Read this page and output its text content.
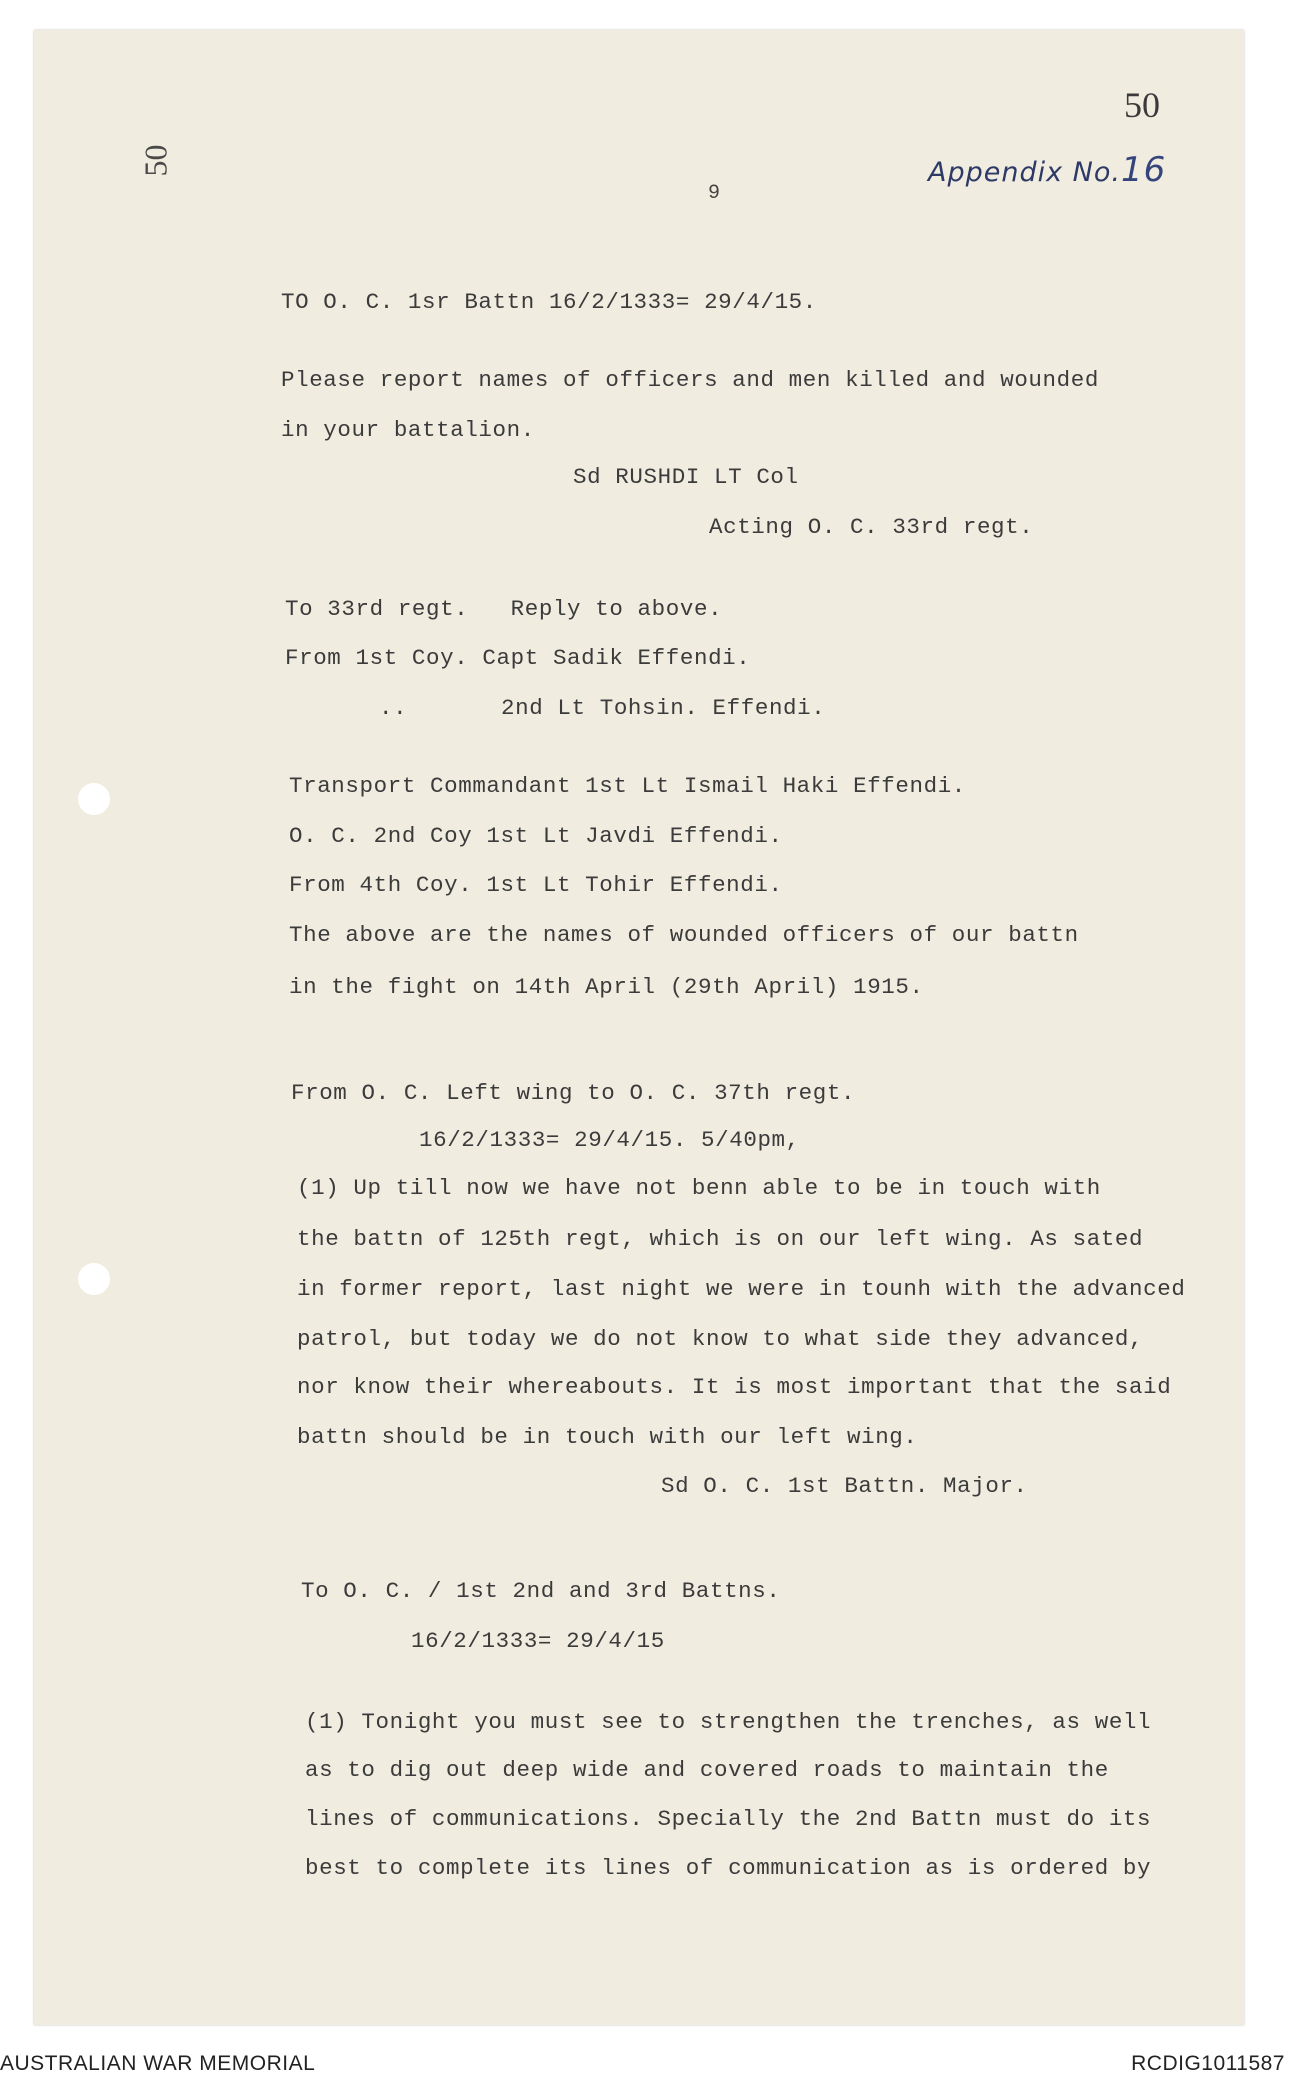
50
50
Appendix No.16
9
TO O. C. 1sr Battn 16/2/1333= 29/4/15.
Please report names of officers and men killed and wounded
in your battalion.
Sd RUSHDI LT Col
Acting O. C. 33rd regt.
To 33rd regt.   Reply to above.
From 1st Coy. Capt Sadik Effendi.
..	2nd Lt Tohsin. Effendi.
Transport Commandant 1st Lt Ismail Haki Effendi.
O. C. 2nd Coy 1st Lt Javdi Effendi.
From 4th Coy. 1st Lt Tohir Effendi.
The above are the names of wounded officers of our battn
in the fight on 14th April (29th April) 1915.
From O. C. Left wing to O. C. 37th regt.
16/2/1333= 29/4/15. 5/40pm,
(1) Up till now we have not benn able to be in touch with
the battn of 125th regt, which is on our left wing. As sated
in former report, last night we were in tounh with the advanced
patrol, but today we do not know to what side they advanced,
nor know their whereabouts. It is most important that the said
battn should be in touch with our left wing.
Sd O. C. 1st Battn. Major.
To O. C. / 1st 2nd and 3rd Battns.
16/2/1333= 29/4/15
(1) Tonight you must see to strengthen the trenches, as well
as to dig out deep wide and covered roads to maintain the
lines of communications. Specially the 2nd Battn must do its
best to complete its lines of communication as is ordered by
AUSTRALIAN WAR MEMORIAL	RCDIG1011587
